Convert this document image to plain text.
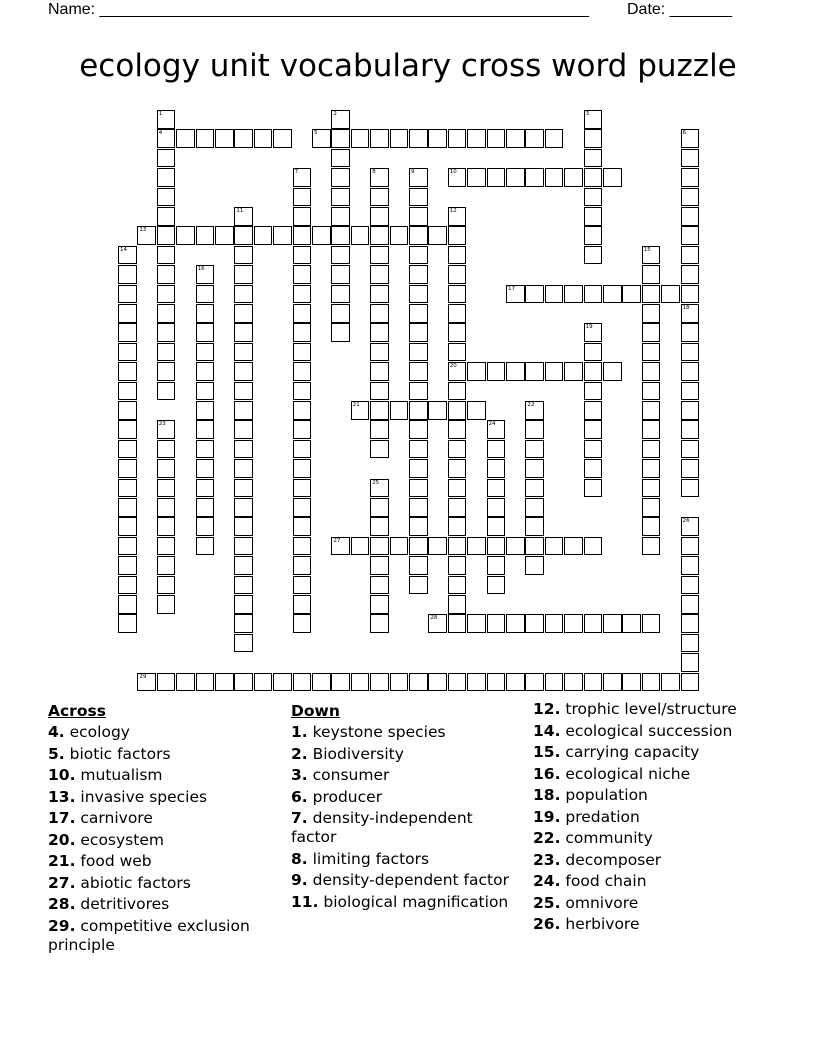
Name: _______________________________________________________ Date: _______
ecology unit vocabulary cross word puzzle
1
4
2	3
5	6
7	8	9	10
11	12
20
13
14	15
16
17
18
19
21	22
23	24
25
26
27
28
29
Across
4. ecology
5. biotic factors
10. mutualism
13. invasive species
17. carnivore
20. ecosystem
21. food web
27. abiotic factors
28. detritivores
29. competitive exclusion principle
Down
1. keystone species
2. Biodiversity
3. consumer
6. producer
7. density-independent factor
8. limiting factors
9. density-dependent factor
11. biological magnification
12. trophic level/structure
14. ecological succession
15. carrying capacity
16. ecological niche
18. population
19. predation
22. community
23. decomposer
24. food chain
25. omnivore
26. herbivore
